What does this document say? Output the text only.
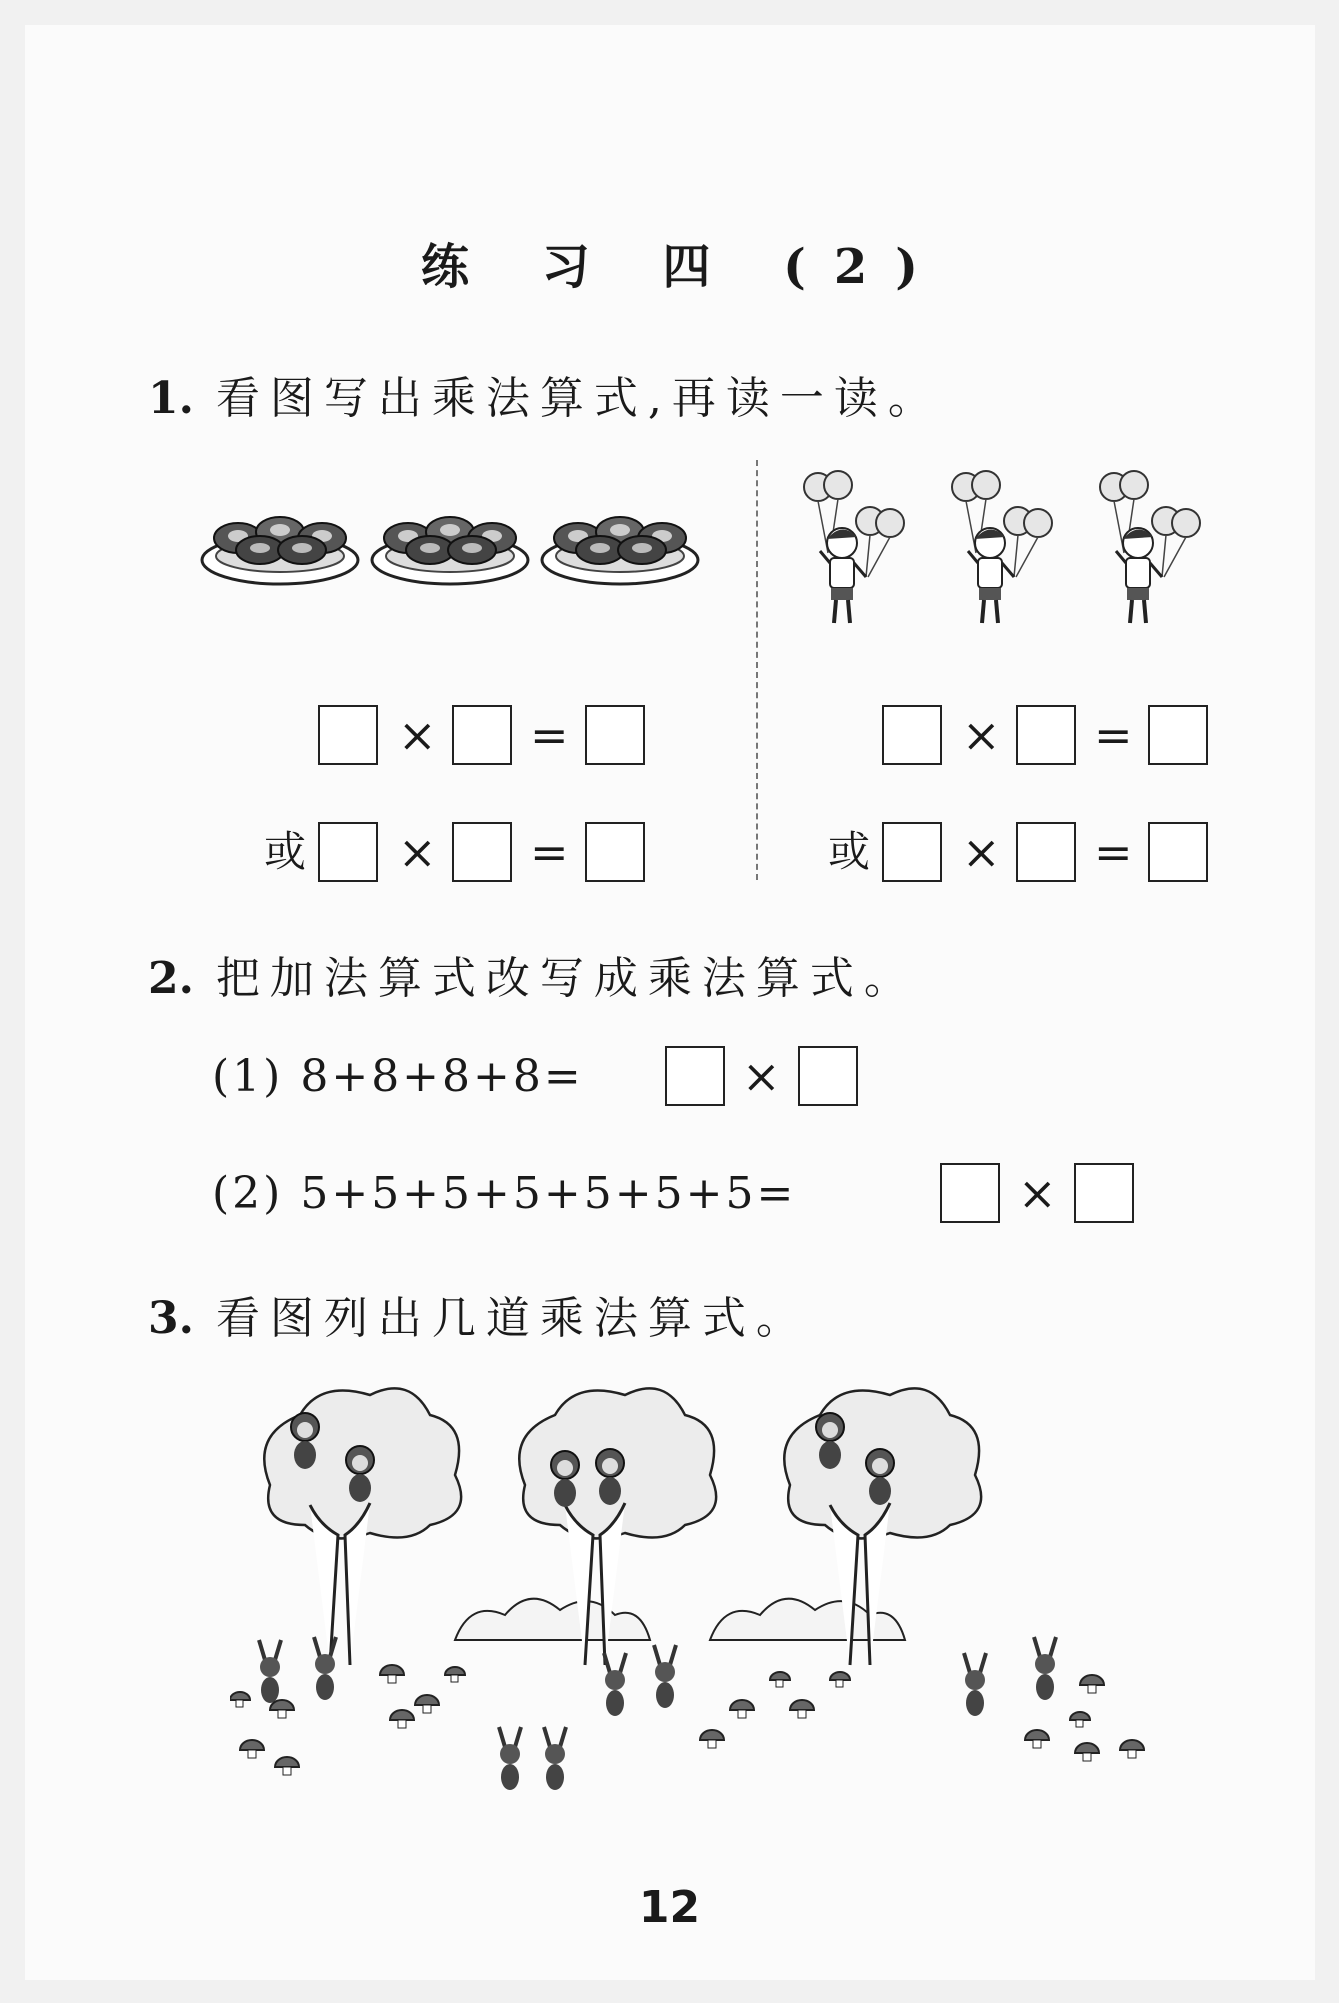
练 习 四 (2)
1. 看图写出乘法算式,再读一读。
× =
或 × =
× =
或 × =
2. 把加法算式改写成乘法算式。
(1) 8+8+8+8=	×
(2) 5+5+5+5+5+5+5=	×
3. 看图列出几道乘法算式。
12
